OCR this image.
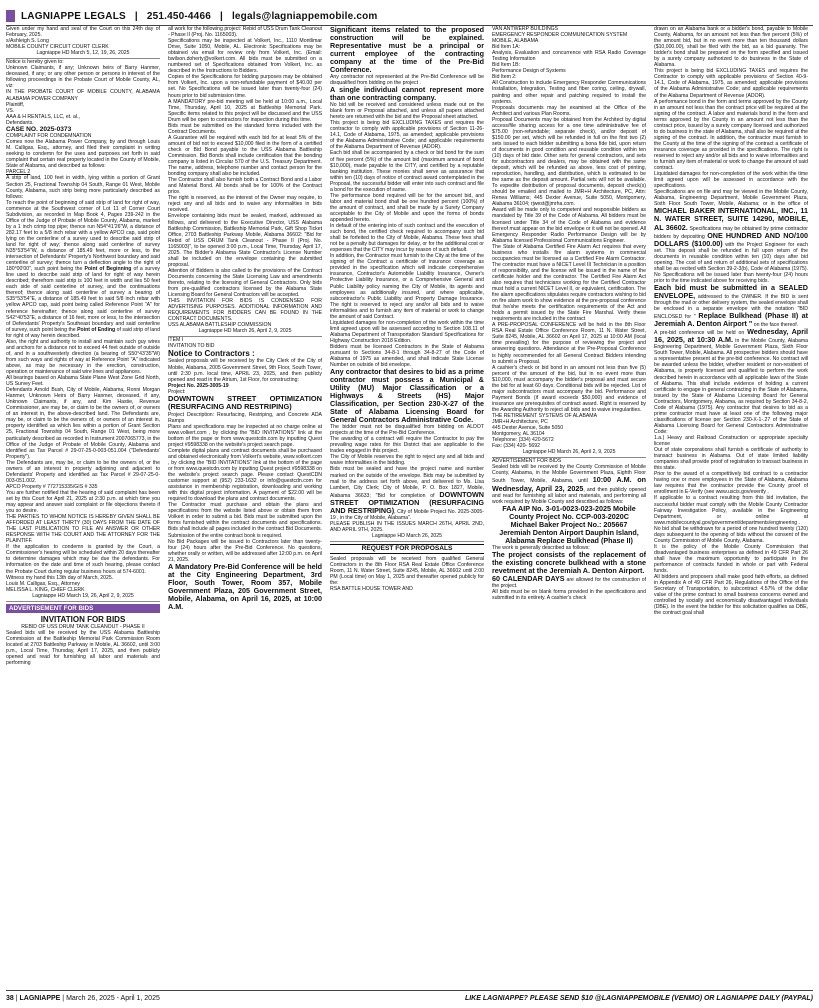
LAGNIAPPE LEGALS | 251.450-4466 | legals@lagniappemobile.com

Given under my hand and seal of the Court on this 24th day of February, 2025.

s/Ashleigh S. Long

MOBILE COUNTY CIRCUIT COURT CLERK

Lagniappe HD March 5, 12, 19, 26, 2025

Notice is hereby given to:

Unknown Claimants, if any; Unknown heirs of Barry Hanmer, deceased, if any; or any other person or persons in interest of the following proceedings in the Probate Court of Mobile County, AL, viz:

IN THE PROBATE COURT OF MOBILE COUNTY, ALABAMA ALABAMA POWER COMPANY

Plaintiff,

VS.

AAA & H RENTALS, LLC, et. al.,

Defendants.

CASE NO. 2025-0373

COMPLAINT FOR CONDEMNATION

Comes now the Alabama Power Company, by and through Louis M. Calligas, Esq., attorney, and filed their complaint in writing seeking to condemn for the uses and purposes set forth in said complaint that certain real property located in the County of Mobile, State of Alabama, and described as follows:

PARCEL 2

A strip of land, 100 feet in width, lying within a portion of Grant Section 25, Fractional Township 04 South, Range 01 West, Mobile County, Alabama, such strip being more particularly described as follows:

To reach the point of beginning of said strip of land for right of way, commence at the Southwest corner of Lot 11 of Corner Court Subdivision, as recorded in Map Book 4, Pages 239-242 in the Office of the Judge of Probate of Mobile County, Alabama, marked by a 1 inch crimp top pipe; thence run N54°41'26"W, a distance of 282.17 feet to a 5/8 inch rebar with a yellow APCO cap, said point lying on the centerline of a survey used to describe said strip of land for right of way; thence along said centerline of survey N35°53'54"W, a distance of 185.49 feet, more or less, to the intersection of Defendants' Property's Northwest boundary and said centerline of survey; thence turn a deflection angle to the right of 180°00'00", such point being the Point of Beginning of a survey line used to describe said strip of land for right of way herein described; therefrom said strip is 100 feet in width and lies 50 feet each side of said centerline of survey, and the continuations thereof; thence along said centerline of survey a bearing of S35°53'54"E, a distance of 185.49 feet to said 5/8 inch rebar with yellow APCO cap, said point being called Reference Point "A" for reference hereinafter; thence along said centerline of survey S42°40'53"E, a distance of 16 feet, more or less, to the intersection of Defendants' Property's Southeast boundary and said centerline of survey, such point being the Point of Ending of said strip of land for right of way herein described.

Also, the right and authority to install and maintain such guy wires and anchors for a distance not to exceed 44 feet outside of outside of, and in a southwesterly direction (a bearing of S50°43'35"W) from such ways and rights of way at Reference Point "A" indicated above, as may be necessary in the erection, construction, operation or maintenance of said wire lines and appliances.

All bearings based on Alabama State Plane West Zone Grid North, US Survey Feet.

Defendants Arnold Bush, City of Mobile, Alabama, Ronni Morgan Hanmer, Unknown Heirs of Barry Hanmer, deceased, if any, Unknown Claimants, if any, and Kim Hastie, Revenue Commissioner, are may be, or claim to be the owners of, or owners of an interest in, the above-described land. The Defendants are, may be, or claim to be the owners of, or owners of an interest in, property identified as which lies within a portion of Grant Section 25, Fractional Township 04 South, Range 01 West, being more particularly described as recorded in Instrument 2007065773, in the Office of the Judge of Probate of Mobile County, Alabama and identified as Tax Parcel # 29-07-25-0-003-051.004 ("Defendants' Property").

The Defendants are, may be, or claim to be the owners of, or the owners of an interest in property adjoining and adjacent to Defendants' Property and identified as Tax Parcel # 29-07-25-0-003-051.002.

APCO Property # 772715335/GIS # 335

You are further notified that the hearing of said complaint has been set by this Court for April 21, 2025 at 2:30 p.m. at which time you may appear and answer said complaint or file objections thereto if you so desire.

THE PARTIES TO WHOM NOTICE IS HEREBY GIVEN SHALL BE AFFORDED AT LEAST THIRTY (30) DAYS FROM THE DATE OF THE LAST PUBLICATION TO FILE AN ANSWER OR OTHER RESPONSE WITH THE COURT AND THE ATTORNEY FOR THE PLAINTIFF.

If the application to condemn is granted by the Court, a Commissioner's hearing will be scheduled within 20 days thereafter to determine damages which may be due the defendants. For information on the date and time of such hearing, please contact the Probate Court during regular business hours at 574-6001.

Witness my hand this 13th day of March, 2025.

Louis M. Calligas, Esq., Attorney

MELISSA L. KING, CHIEF CLERK

Lagniappe HD March 19, 26, April 2, 9, 2025

ADVERTISEMENT FOR BIDS

INVITATION FOR BIDS

REBID OF USS DRUM TANK CLEANOUT - PHASE II

Sealed bids will be received by the USS Alabama Battleship Commission at the Battleship Memorial Park Commission Room located at 2703 Battleship Parkway in Mobile, AL 36602, until 3:00 p.m., Local Time, Thursday, April 17, 2025, and then publicly opened and read for furnishing all labor and materials and performing

all work for the following project: Rebid of USS Drum Tank Cleanout - Phase II (Proj. No. 1165003).

Specifications may be inspected at Volkert, Inc., 1110 Montlimar Drive, Suite 1050, Mobile, AL. Electronic Specifications may be obtained via email for review only from Volkert, Inc. (Email: bwilson.doherty@volkert.com. All bids must be submitted on a numbered set of Specifications obtained from Volkert, Inc. as described in the Instructions to Bidders.

Copies of the Specifications for bidding purposes may be obtained from Volkert, Inc. upon a non-refundable payment of $40.00 per set. No Specifications will be issued later than twenty-four (24) hours prior to bid submission time.

A MANDATORY pre-bid meeting will be held at 10:00 a.m., Local Time, Thursday, April 10, 2025 at Battleship Memorial Park. Specific items related to this project will be discussed and the USS Drum will be open to contractors for inspection during this time.

Bids must be submitted on the standard forms included with the Contract Documents.

A Guarantee will be required with each bid for at least 5% of the amount of bid not to exceed $10,000 filed in the form of a certified check or Bid Bond payable to the USS Alabama Battleship Commission. Bid Bonds shall include certification that the bonding company is listed in Circular 570 of the U.S. Treasury Department. The name, address, telephone number and contact person for the bonding company shall also be included.

The Contractor shall also furnish both a Contract Bond and a Labor and Material Bond. All bonds shall be for 100% of the Contract price.

The right is reserved, as the interest of the Owner may require, to reject any and all bids and to waive any informalities in bids received.

Envelope containing bids must be sealed, marked, addressed as follows, and delivered to the Executive Director, USS Alabama Battleship Commission, Battleship Memorial Park, Gift Shop Ticket Office, 2703 Battleship Parkway Mobile, Alabama 36602: "Bid for Rebid of USS DRUM Tank Cleanout - Phase II (Proj. No. 1165003)", to be opened 3:00 p.m., Local Time, Thursday, April 17, 2025. The Bidder's Alabama State Contractor's License Number shall be included on the envelope containing the submitted proposal.

Attention of Bidders is also called to the provisions of the Contract Documents concerning the State Licensing Law and amendments thereto, relating to the licensing of General Contractors. Only bids from pre-qualified contractors licensed by the Alabama State Licensing Board for General Contractors will be accepted.

THIS INVITATION FOR BIDS IS CONDENSED FOR ADVERTISING PURPOSES. ADDITIONAL INFORMATION AND REQUIREMENTS FOR BIDDERS CAN BE FOUND IN THE CONTRACT DOCUMENTS.

USS ALABAMA BATTLESHIP COMMISSION

Lagniappe HD March 26, April 2, 9, 2025

ITEM I

INVITATION TO BID

Notice to Contractors :

Sealed proposals will be received by the City Clerk of the City of Mobile, Alabama, 2005 Government Street, 9th Floor, South Tower, until 2:30 p.m. local time, APRIL 23, 2025, and then publicly opened and read in the Atrium, 1st Floor, for constructing:

Project No. 2025-3005-19

Project:

DOWNTOWN STREET OPTIMIZATION (RESURFACING AND RESTRIPING)

Project Description: Resurfacing, Restriping, and Concrete ADA Ramps

Plans and specifications may be inspected at no charge online at www.volkert.com , by clicking the "BID INVITATIONS" link at the bottom of the page or from www.questcdn.com by inputting Quest project #9598338 on the website's project search page.

Complete digital plans and contract documents shall be purchased and obtained electronically from Volkert's website, www.volkert.com , by clicking the "BID INVITATIONS" link at the bottom of the page or from www.questcdn.com by inputting Quest project #9598338 on the website's project search page. Please contact QuestCDN customer support at (952) 233-1632 or info@questcdn.com for assistance in membership registration, downloading and working with this digital project information. A payment of $22.00 will be required to download the plans and contract documents.

The Contractor must purchase and obtain the plans and specifications from the website listed above or obtain them from Volkert in order to submit a bid. Bids must be submitted upon the forms furnished within the contract documents and specifications. Bids shall include all pages included in the contract Bid Documents. Submission of the entire contract book is required.

No Bid Packages will be issued to Contractors later than twenty-four (24) hours after the Pre-Bid Conference. No questions, whether orally or written, will be addressed after 12:00 p.m. on April 21, 2025.

A Mandatory Pre-Bid Conference will be held at the City Engineering Department, 3rd Floor, South Tower, Room 357, Mobile Government Plaza, 205 Government Street, Mobile, Alabama, on April 16, 2025, at 10:00 A.M.

Significant items related to the proposed construction will be explained. Representative must be a principal or current employee of the contracting company at the time of the Pre-Bid Conference.

Any contractor not represented at the Pre-Bid Conference will be disqualified from bidding on the project .

A single individual cannot represent more than one contracting company.

No bid will be received and considered unless made out on the blank form or Proposal attached, and unless all papers attached hereto are returned with the bid and the Proposal sheet attached.

This project is being bid EXCLUDING TAXES and requires the contractor to comply with applicable provisions of Section 11-26-14.1, Code of Alabama, 1975, as amended; applicable provisions of the Alabama Administrative Code; and applicable requirements of the Alabama Department of Revenue (ADOR).

Each bid shall be accompanied by a check or bid bond for the sum of five percent (5%) of the amount bid (maximum amount of bond $10,000), made payable to the CITY, and certified by a reputable banking institution. These monies shall serve as assurance that within ten (10) days of notice of contract award contemplated in the Proposal, the successful bidder will enter into such contract and file a bond for the execution of same.

The performance bond required will be for the amount bid, and labor and material bond shall be one hundred percent (100%) of the amount of contract, and shall be made by a Surety Company acceptable to the City of Mobile and upon the forms of bonds appended hereto.

In default of the entering into of such contract and the execution of such bond, the certified check required to accompany such bid shall be forfeited to the City of Mobile, Alabama. These fees shall not be a penalty but damages for delay, or for the additional cost or expenses that the CITY may incur by reason of such default.

In addition, the Contractor must furnish to the City at the time of the signing of the Contract a certificate of insurance coverage as provided in the specification which will indicate comprehensive insurance, Contractor's Automobile Liability Insurance, Owner's Protective Liability Insurance, or a Comprehensive General and Public Liability policy naming the City of Mobile, its agents and employees as additionally insured, and where applicable, subcontractor's Public Liability and Property Damage Insurance. The right is reserved to reject any and/or all bids and to waive informalities and to furnish any item of material or work to change the amount of said Contract.

Liquidated damages for non-completion of the work within the time limit agreed upon will be assessed according to Section 108.11 of Alabama Department of Transportation Standard Specifications for Highway Construction 2018 Edition.

Bidders must be licensed Contractors in the State of Alabama pursuant to Sections 34-8-1 through 34-8-27 of the Code of Alabama of 1975 as amended, and shall indicate State License Number on outside of bid envelope.

Any contractor that desires to bid as a prime contractor must possess a Municipal & Utility (MU) Major Classification or a Highways & Streets (HS) Major Classification, per Section 230-X-27 of the State of Alabama Licensing Board for General Contractors Administrative Code.

The bidder must not be disqualified from bidding on ALDOT projects at the time of the Pre-Bid Conference.

The awarding of a contract will require the Contractor to pay the prevailing wage rates for this District that are applicable to the trades engaged in this project.

The City of Mobile reserves the right to reject any and all bids and waive informalities in the bidding.

Bids must be sealed and have the project name and number marked on the outside of the envelope. Bids may be submitted by mail to the address set forth above, and delivered to Ms. Lisa Lambert, City Clerk; City of Mobile, P. O. Box 1827, Mobile, Alabama 36633; "Bid for completion of DOWNTOWN STREET OPTIMIZATION (RESURFACING AND RESTRIPING), City of Mobile Project No. 2025-3005-19 , in the City of Mobile, Alabama".

PLEASE PUBLISH IN THE ISSUES MARCH 26TH, APRIL 2ND, AND APRIL 9TH, 2025.

Lagniappe HD March 26, 2025

REQUEST FOR PROPOSALS

Sealed proposals will be received from qualified General Contractors in the 8th Floor RSA Real Estate Office Conference Room, 11 N. Water Street, Suite 8245, Mobile, AL 36602 until 2:00 PM (Local time) on May 1, 2025 and thereafter opened publicly for the:

RSA BATTLE HOUSE TOWER AND

VAN ANTWERP BUILDINGS

EMERGENCY RESPONDER COMMUNICATION SYSTEM

MOBILE, ALABAMA

Bid Item 1A:

Analysis, Evaluation and concurrence with RSA Radio Coverage Testing Information

Bid Item 1B:

Performance Design of Systems

Bid Item 2:

All Construction to include Emergency Responder Communications Installation, Integration, Testing and fiber coring, ceiling, drywall, painting and other repair and patching required to install the systems.

Proposals documents may be examined at the Office of the Architect and various Plan Rooms.

Proposal Documents may be obtained from the Architect by digital access/file sharing access for a one time administrative fee of $75.00 (non-refundable; separate check), and/or deposit of $150.00 per set, which will be refunded in full on the first two (2) sets issued to each bidder submitting a bona fide bid, upon return of documents in good condition and reusable condition within ten (10) days of bid date. Other sets for general contractors, and sets for subcontractors and dealers, may be obtained with the same deposit, which will be refunded as above, less cost of printing, reproduction, handling, and distribution, which is estimated to be the same as the deposit amount. Partial sets will not be available. To expedite distribution of proposal documents, deposit check(s) should be emailed and mailed to JMR+H Architecture, PC, Attn: Renea Williams; 445 Dexter Avenue, Suite 5050, Montgomery, Alabama 36104; rjwest@jmrha.com.

Award will be made only to competent and responsible bidders as mandated by Title 39 of the Code of Alabama. All bidders must be licensed under Title 34 of the Code of Alabama and evidence thereof must appear on the bid envelope or it will not be opened. All Emergency Responder Radio Performance Design will be by Alabama licensed Professional Communications Engineer.

The State of Alabama Certified Fire Alarm Act requires that every business who installs fire alarm systems in commercial occupancies must be licensed as a Certified Fire Alarm Contractor. The contractor must have a NICET Level III Technician in a position of responsibility, and the license will be issued in the name of the certificate holder and the contractor. The Certified Fire Alarm Act also requires that technicians working for the Certified Contractor must hold a current NICET Level II, or equivalent, certification. The fire alarm specifications stipulates require contractors wishing to bid on fire alarm work to show evidence at the pre-proposal conference that he/she meets the certification requirements of the Act and holds a permit issued by the State Fire Marshal. Verify these requirements are included in the contract

A PRE-PROPOSAL CONFERENCE will be held in the 8th Floor RSA Real Estate Office Conference Room, 11 N. Water Street, Suite 8245, Mobile, AL 36602 on April 17, 2025 at 10:00 AM (local time prevailing) for the purpose of reviewing the project and answering questions. Attendance at the Pre-Proposal Conference is highly recommended for all General Contract Bidders intending to submit a Proposal.

A cashier's check or bid bond in an amount not less than five (5) percent of the amount of the bid, but in no event more than $10,000, must accompany the bidder's proposal and must secure the bid for at least 60 days. Conditional bids will be rejected. List of major subcontractors must accompany the bid. Performance and Payment Bonds (if award exceeds $50,000) and evidence of insurance are prerequisites of contract award. Right is reserved by the Awarding Authority to reject all bids and to waive irregularities.

THE RETIREMENT SYSTEMS OF ALABAMA

JMR+H Architecture, PC

445 Dexter Avenue, Suite 5050

Montgomery, AL 36104

Telephone: (334) 420-5672

Fax: (334) 420- 5692

Lagniappe HD March 26, April 2, 9, 2025

ADVERTISEMENT FOR BIDS

Sealed bids will be received by the County Commission of Mobile County, Alabama, in the Mobile Government Plaza, Eighth Floor South Tower, Mobile, Alabama, until 10:00 A.M. on Wednesday, April 23, 2025, and then publicly opened and read for furnishing all labor and materials, and performing all work required by Mobile County and described as follows:

FAA AIP No. 3-01-0023-023-2025 Mobile County Project No. CCP-003-2020C

Michael Baker Project No.: 205667

Jeremiah Denton Airport Dauphin Island, Alabama Replace Bulkhead (Phase II)

The work is generally described as follows:

The project consists of the replacement of the existing concrete bulkhead with a stone revetment at the Jeremiah A. Denton Airport.

60 CALENDAR DAYS are allowed for the construction of the project.

All bids must be on blank forms provided in the specifications and submitted in its entirety. A cashier's check

drawn on an Alabama bank or a bidder's bond, payable to Mobile County, Alabama, for an amount not less than five percent (5%) of the amount bid, but in no event more than ten thousand dollars ($10,000.00), shall be filed with the bid, as a bid guaranty. The bidder's bond shall be prepared on the form specified and issued by a surety company authorized to do business in the State of Alabama.

This project is being bid EXCLUDING TAXES and requires the Contractor to comply with applicable provisions of Section 40-9-14.1, Code of Alabama, 1975, as amended; applicable provisions of the Alabama Administrative Code; and applicable requirements of the Alabama Department of Revenue (ADOR).

A performance bond in the form and terms approved by the County in an amount not less than the contract price will be required at the signing of the contract. A labor and materials bond in the form and terms approved by the County in an amount not less than the contract price, issued by a surety company licensed and authorized to do business in the state of Alabama, shall also be required at the signing of the contract. In addition, the contractor must furnish to the County at the time of the signing of the contract a certificate of insurance coverage as provided in the specifications. The right is reserved to reject any and/or all bids and to waive informalities and to furnish any item of material or work to change the amount of said contract.

Liquidated damages for non-completion of the work within the time limit agreed upon will be assessed in accordance with the specifications.

Specifications are on file and may be viewed in the Mobile County, Alabama, Engineering Department, Mobile Government Plaza, Sixth Floor South Tower, Mobile, Alabama; or in the office of MICHAEL BAKER INTERNATIONAL, INC., 11 N. WATER STREET, SUITE 14290, MOBILE, AL 36602. Specifications may be obtained by prime contractor bidders by depositing ONE HUNDRED AND NO/100 DOLLARS ($100.00) with the Project Engineer for each set. This deposit shall be refunded in full upon return of the documents in reusable condition within ten (10) days after bid opening. The cost of and return of additional sets of specifications shall be as recited with Section 39-2-3(b), Code of Alabama (1975). No Specifications will be issued later than twenty-four (24) hours prior to the time indicated above for receiving bids.

Each bid must be submitted in a SEALED ENVELOPE, addressed to the OWNER. If the BID is sent through the mail or other delivery system, the sealed envelope shall be enclosed in a separate envelope with the notation "BID ENCLOSED for " Replace Bulkhead (Phase II) at Jeremiah A. Denton Airport " on the face thereof.

A pre-bid conference will be held on Wednesday, April 16, 2025, at 10:30 A.M. in the Mobile County, Alabama Engineering Department, Mobile Government Plaza, Sixth Floor South Tower, Mobile, Alabama. All prospective bidders should have a representative present at the pre-bid conference. No contract will be awarded unless the bidder, whether resident or non-resident of Alabama, is properly licensed and qualified to perform the work described herein in accordance with all applicable laws of the State of Alabama. This shall include evidence of holding a current certificate to engage in general contracting in the State of Alabama, issued by the State of Alabama Licensing Board for General Contractors, Montgomery, Alabama, as required by Section 34-8-2, Code of Alabama (1975). Any contractor that desires to bid as a prime contractor must have at least one of the following major classifications of license per Section 230-X-1-.27 of the State of Alabama Licensing Board for General Contractors Administrative Code:

1.a.) Heavy and Railroad Construction or appropriate specialty license

Out of state corporations shall furnish a certificate of authority to transact business in Alabama. Out of state limited liability companies shall provide proof of registration to transact business in this state.

Prior to the award of a competitively bid contract to a contractor having one or more employees in the State of Alabama, Alabama law requires that the contractor provide the County proof of enrollment in E-Verify (see www.uscis.gov/everify .

If applicable to a contract resulting from this bid invitation, the successful bidder must comply with the Mobile County Contractor Fairway Investigation Policy, available in the Engineering Department, or online at www.mobilecountyal.gov/government/departments/engineering .

No bid shall be withdrawn for a period of one hundred twenty (120) days subsequent to the opening of bids without the consent of the County Commission of Mobile County, Alabama.

It is the policy of the Mobile County Commission that disadvantaged business enterprises as defined in 49 CFR Part 26 shall have the maximum opportunity to participate in the performance of contracts funded in whole or part with Federal funds.

All bidders and proposers shall make good faith efforts, as defined in Appendix A of 49 CFR Part 26, Regulations of the Office of the Secretary of Transportation, to subcontract 4.57% of the dollar value of the prime contract to small business concerns owned and controlled by socially and economically disadvantaged individuals (DBE). In the event the bidder for this solicitation qualifies as DBE, the contract goal shall

38 | LAGNIAPPE | March 26, 2025 - April 1, 2025	LIKE LAGNIAPPE? PLEASE SEND $10 @LAGNIAPPEMOBILE (VENMO) OR LAGNIAPPE DAILY (PAYPAL)
